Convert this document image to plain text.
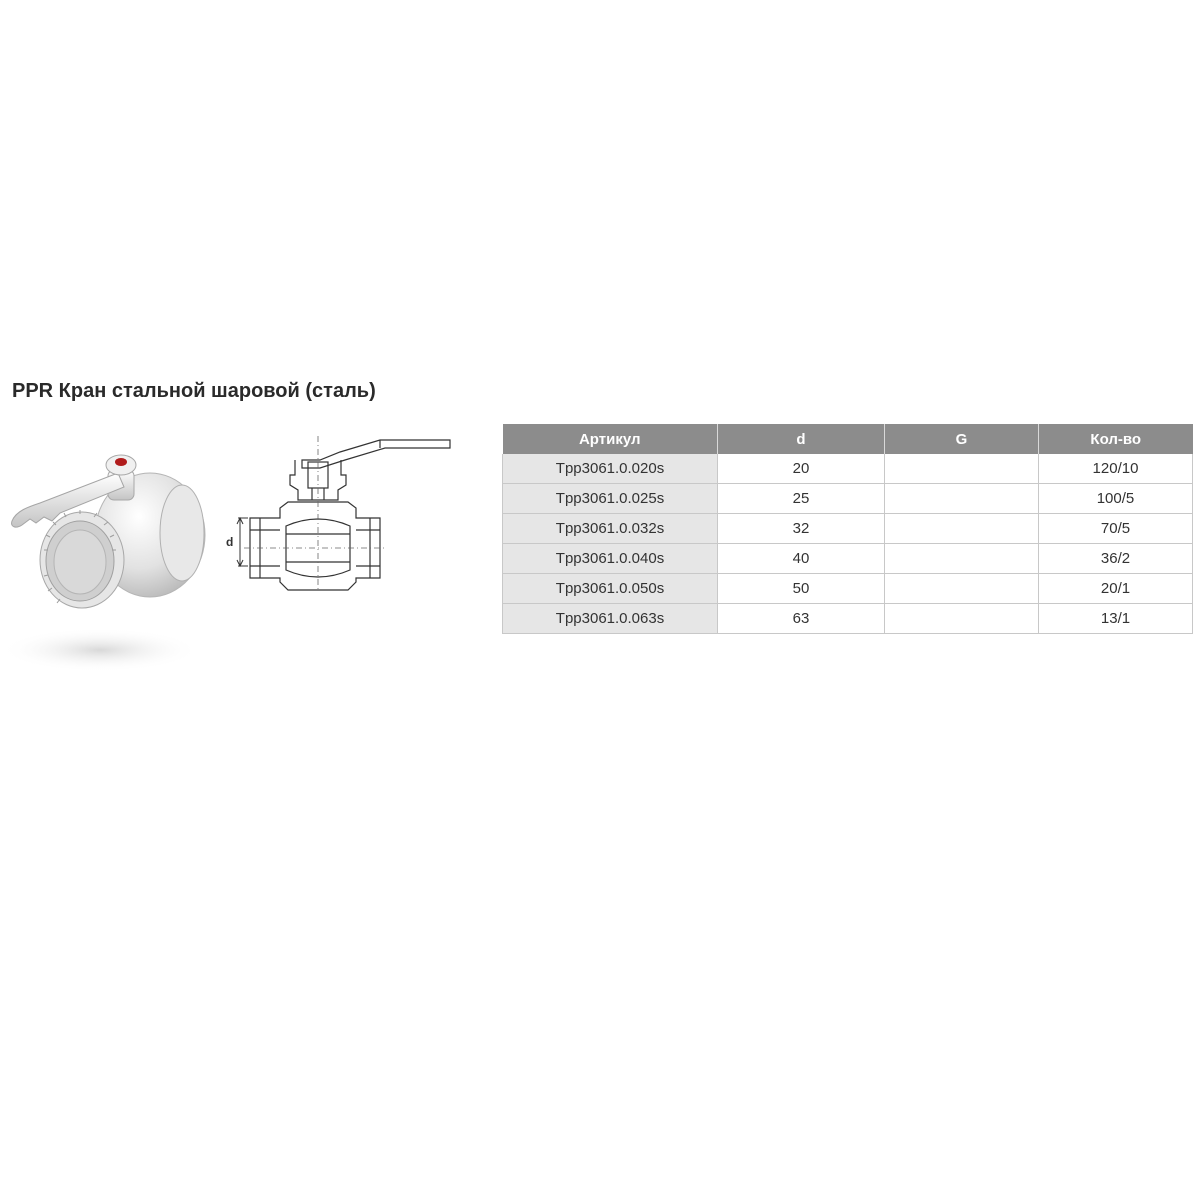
PPR Кран стальной шаровой (сталь)
d
Артикул	d	G	Кол-во
Tpp3061.0.020s	20		120/10
Tpp3061.0.025s	25		100/5
Tpp3061.0.032s	32		70/5
Tpp3061.0.040s	40		36/2
Tpp3061.0.050s	50		20/1
Tpp3061.0.063s	63		13/1
